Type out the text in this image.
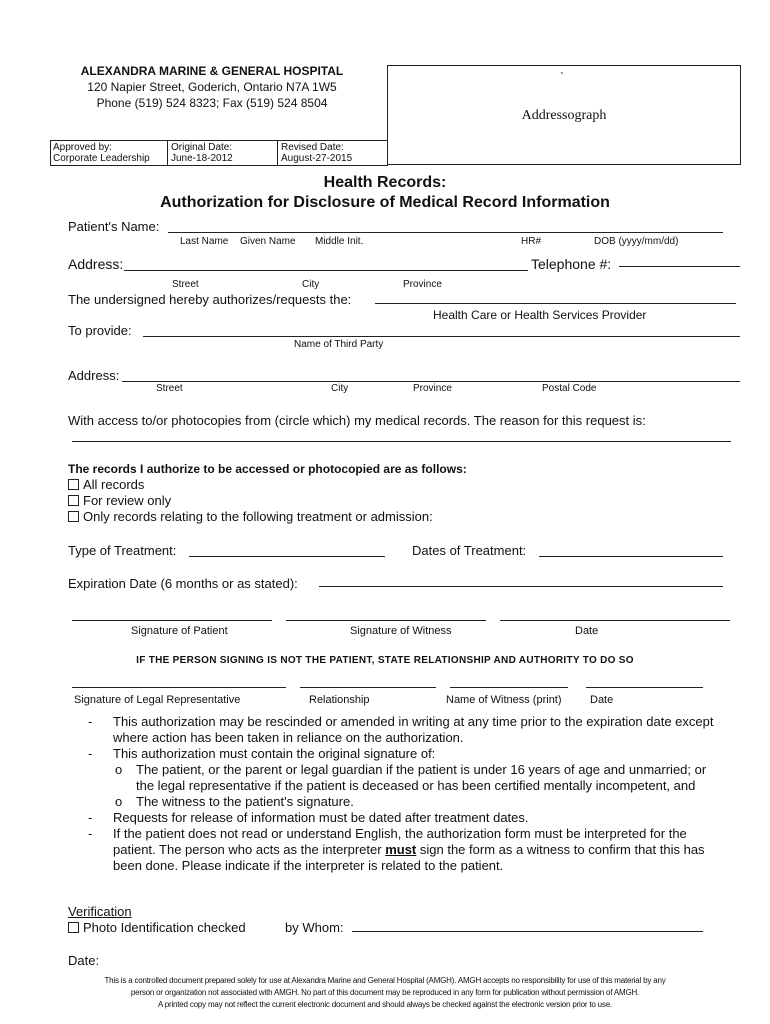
ALEXANDRA MARINE & GENERAL HOSPITAL
120 Napier Street, Goderich, Ontario N7A 1W5
Phone (519) 524 8323; Fax (519) 524 8504
`
Addressograph
Approved by:
Corporate Leadership
Original Date:
June-18-2012
Revised Date:
August-27-2015
Health Records:
Authorization for Disclosure of Medical Record Information
Patient's Name:
Last Name Given Name Middle Init.	HR#	DOB (yyyy/mm/dd)
Address:	Telephone #:
Street	City	Province
The undersigned hereby authorizes/requests the:
Health Care or Health Services Provider
To provide:
Name of Third Party
Address:
Street	City	Province	Postal Code
With access to/or photocopies from (circle which) my medical records. The reason for this request is:
The records I authorize to be accessed or photocopied are as follows:
All records
For review only
Only records relating to the following treatment or admission:
Type of Treatment:	Dates of Treatment:
Expiration Date (6 months or as stated):
Signature of Patient	Signature of Witness	Date
IF THE PERSON SIGNING IS NOT THE PATIENT, STATE RELATIONSHIP AND AUTHORITY TO DO SO
Signature of Legal Representative	Relationship	Name of Witness (print)	Date
- This authorization may be rescinded or amended in writing at any time prior to the expiration date except where action has been taken in reliance on the authorization.
- This authorization must contain the original signature of:
o The patient, or the parent or legal guardian if the patient is under 16 years of age and unmarried; or the legal representative if the patient is deceased or has been certified mentally incompetent, and
o The witness to the patient's signature.
- Requests for release of information must be dated after treatment dates.
- If the patient does not read or understand English, the authorization form must be interpreted for the patient. The person who acts as the interpreter must sign the form as a witness to confirm that this has been done. Please indicate if the interpreter is related to the patient.
Verification
Photo Identification checked	by Whom:
Date:
This is a controlled document prepared solely for use at Alexandra Marine and General Hospital (AMGH). AMGH accepts no responsibility for use of this material by any
person or organization not associated with AMGH. No part of this document may be reproduced in any form for publication without permission of AMGH.
A printed copy may not reflect the current electronic document and should always be checked against the electronic version prior to use.
